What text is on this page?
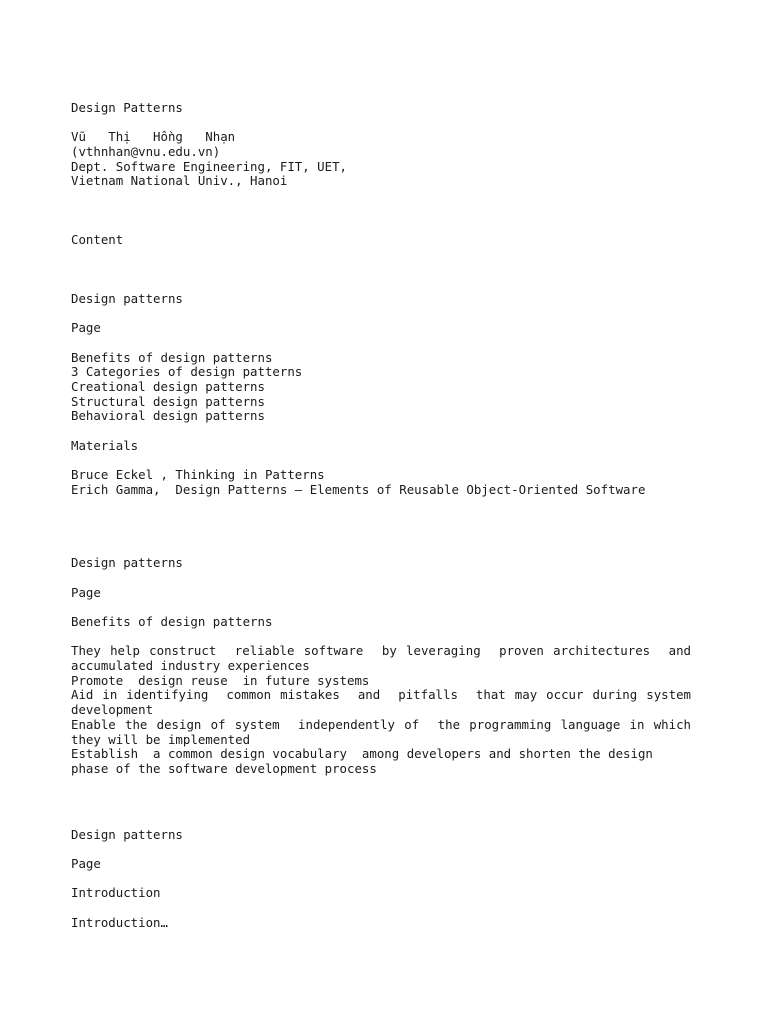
Design Patterns
Vũ   Thị   Hồng   Nhạn
(vthnhan@vnu.edu.vn)
Dept. Software Engineering, FIT, UET,
Vietnam National Univ., Hanoi
Content
Design patterns
Page
Benefits of design patterns
3 Categories of design patterns
Creational design patterns
Structural design patterns
Behavioral design patterns
Materials
Bruce Eckel , Thinking in Patterns
Erich Gamma,  Design Patterns – Elements of Reusable Object-Oriented Software
Design patterns
Page
Benefits of design patterns
They help construct  reliable software  by leveraging  proven architectures  and accumulated industry experiences
Promote  design reuse  in future systems
Aid in identifying  common mistakes  and  pitfalls  that may occur during system development
Enable the design of system  independently of  the programming language in which they will be implemented
Establish  a common design vocabulary  among developers and shorten the design phase of the software development process
Design patterns
Page
Introduction
Introduction…
